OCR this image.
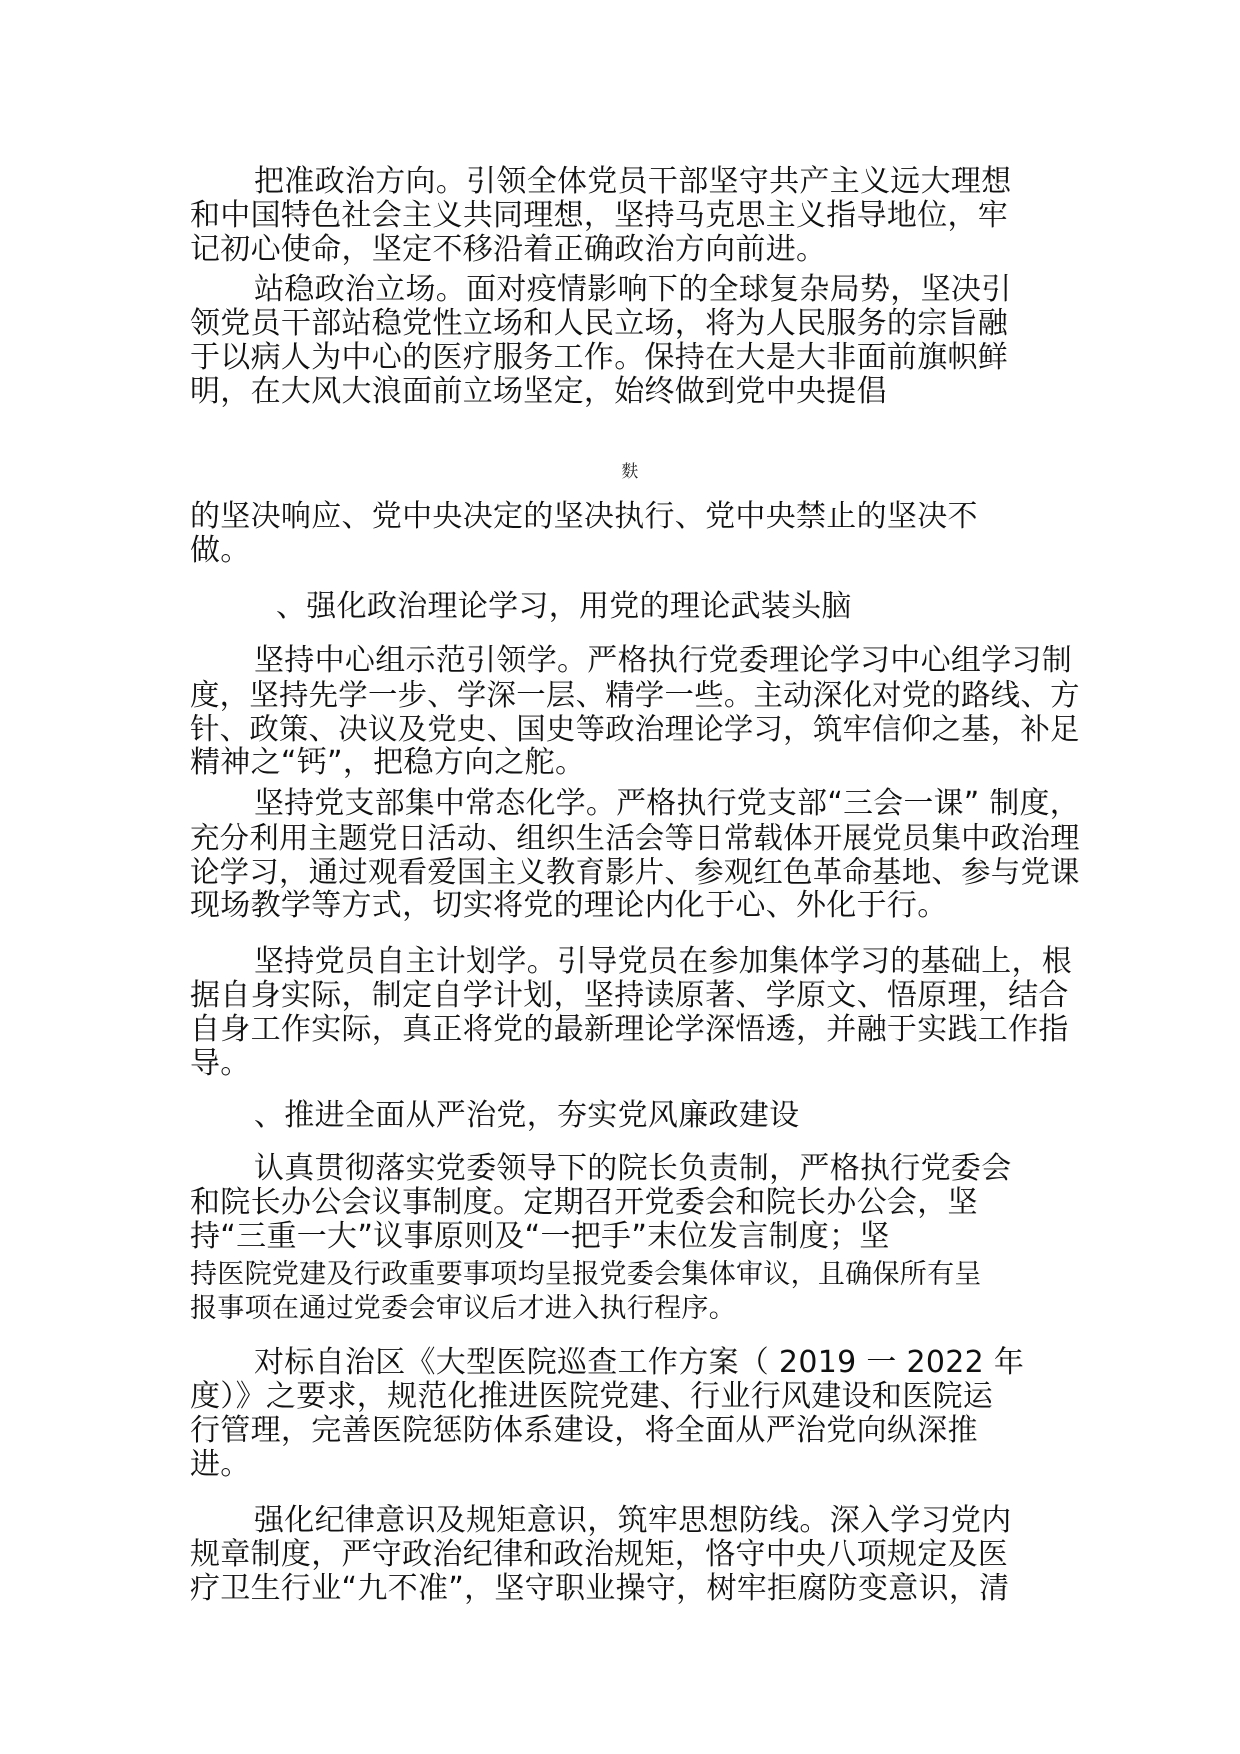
把准政治方向。引领全体党员干部坚守共产主义远大理想
和中国特色社会主义共同理想，坚持马克思主义指导地位，牢
记初心使命，坚定不移沿着正确政治方向前进。
站稳政治立场。面对疫情影响下的全球复杂局势，坚决引
领党员干部站稳党性立场和人民立场，将为人民服务的宗旨融
于以病人为中心的医疗服务工作。保持在大是大非面前旗帜鲜
明，在大风大浪面前立场坚定，始终做到党中央提倡
麩
的坚决响应、党中央决定的坚决执行、党中央禁止的坚决不
做。
、强化政治理论学习，用党的理论武装头脑
坚持中心组示范引领学。严格执行党委理论学习中心组学习制
度，坚持先学一步、学深一层、精学一些。主动深化对党的路线、方
针、政策、决议及党史、国史等政治理论学习，筑牢信仰之基，补足
精神之“钙”，把稳方向之舵。
坚持党支部集中常态化学。严格执行党支部“三会一课” 制度，
充分利用主题党日活动、组织生活会等日常载体开展党员集中政治理
论学习，通过观看爱国主义教育影片、参观红色革命基地、参与党课
现场教学等方式，切实将党的理论内化于心、外化于行。
坚持党员自主计划学。引导党员在参加集体学习的基础上，根
据自身实际，制定自学计划，坚持读原著、学原文、悟原理，结合
自身工作实际，真正将党的最新理论学深悟透，并融于实践工作指
导。
、推进全面从严治党，夯实党风廉政建设
认真贯彻落实党委领导下的院长负责制，严格执行党委会
和院长办公会议事制度。定期召开党委会和院长办公会，坚
持“三重一大”议事原则及“一把手”末位发言制度；坚
持医院党建及行政重要事项均呈报党委会集体审议，且确保所有呈
报事项在通过党委会审议后才进入执行程序。
对标自治区《大型医院巡查工作方案（ 2019 一 2022 年
度）》之要求，规范化推进医院党建、行业行风建设和医院运
行管理，完善医院惩防体系建设，将全面从严治党向纵深推
进。
强化纪律意识及规矩意识，筑牢思想防线。深入学习党内
规章制度，严守政治纪律和政治规矩，恪守中央八项规定及医
疗卫生行业“九不准”，坚守职业操守，树牢拒腐防变意识，清
